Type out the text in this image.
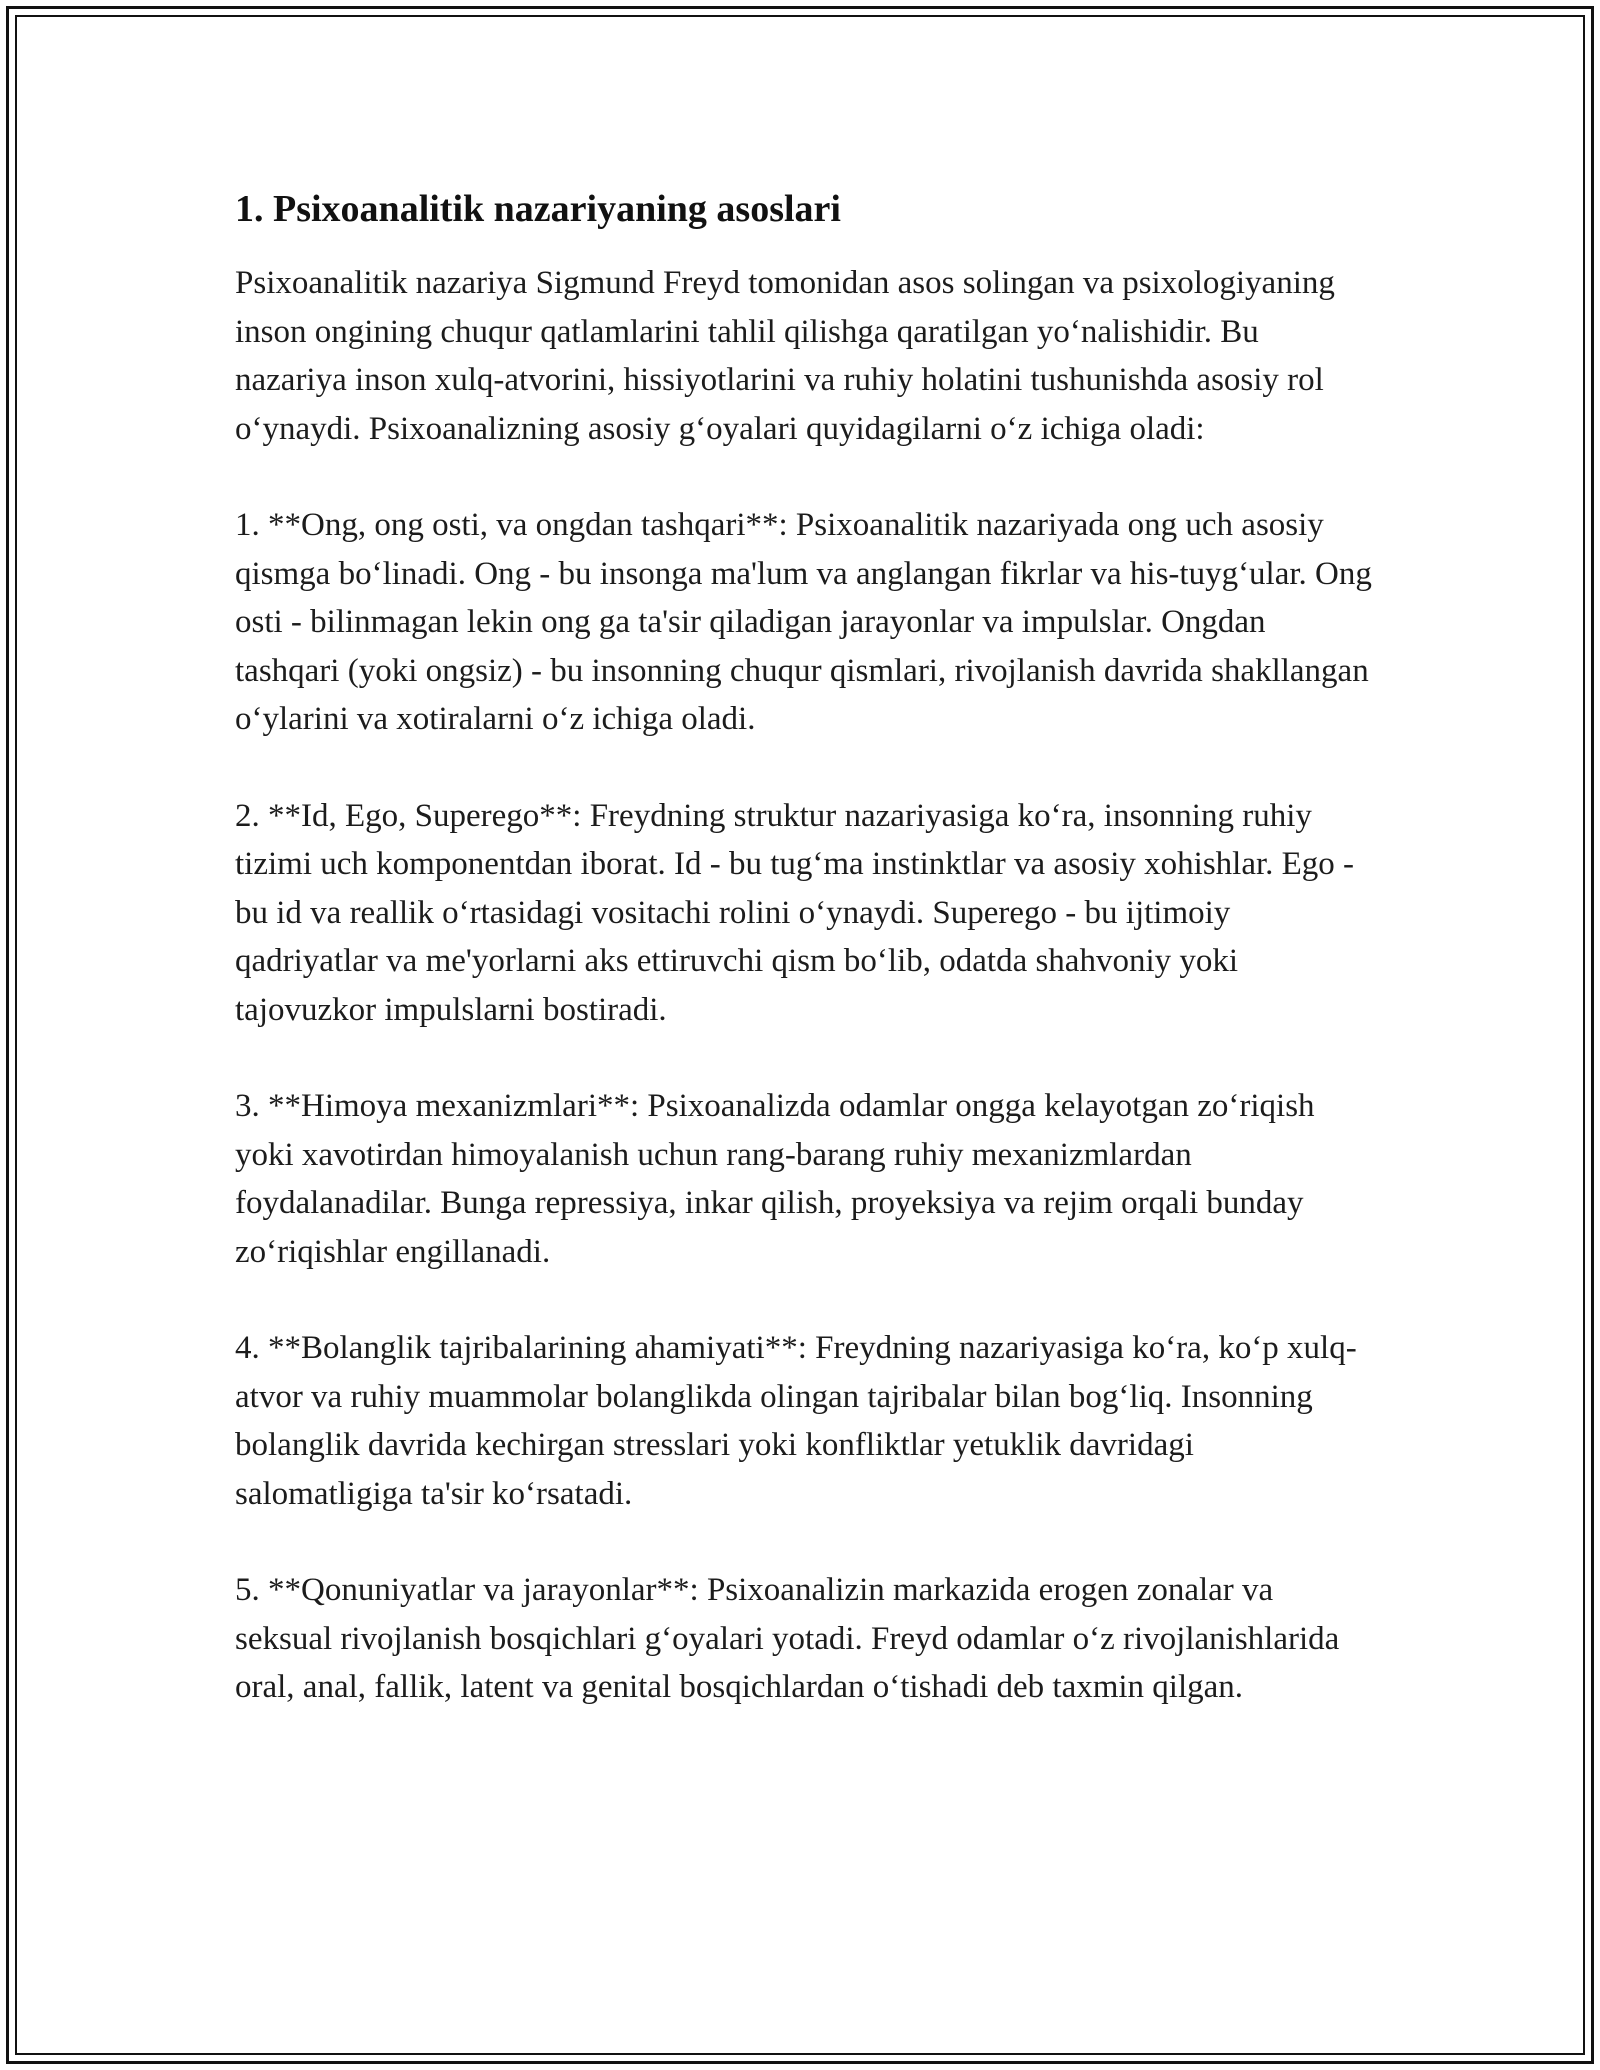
1. Psixoanalitik nazariyaning asoslari

Psixoanalitik nazariya Sigmund Freyd tomonidan asos solingan va psixologiyaning inson ongining chuqur qatlamlarini tahlil qilishga qaratilgan yo‘nalishidir. Bu nazariya inson xulq-atvorini, hissiyotlarini va ruhiy holatini tushunishda asosiy rol o‘ynaydi. Psixoanalizning asosiy g‘oyalari quyidagilarni o‘z ichiga oladi:

1. **Ong, ong osti, va ongdan tashqari**: Psixoanalitik nazariyada ong uch asosiy qismga bo‘linadi. Ong - bu insonga ma'lum va anglangan fikrlar va his-tuyg‘ular. Ong osti - bilinmagan lekin ong ga ta'sir qiladigan jarayonlar va impulslar. Ongdan tashqari (yoki ongsiz) - bu insonning chuqur qismlari, rivojlanish davrida shakllangan o‘ylarini va xotiralarni o‘z ichiga oladi.

2. **Id, Ego, Superego**: Freydning struktur nazariyasiga ko‘ra, insonning ruhiy tizimi uch komponentdan iborat. Id - bu tug‘ma instinktlar va asosiy xohishlar. Ego - bu id va reallik o‘rtasidagi vositachi rolini o‘ynaydi. Superego - bu ijtimoiy qadriyatlar va me'yorlarni aks ettiruvchi qism bo‘lib, odatda shahvoniy yoki tajovuzkor impulslarni bostiradi.

3. **Himoya mexanizmlari**: Psixoanalizda odamlar ongga kelayotgan zo‘riqish yoki xavotirdan himoyalanish uchun rang-barang ruhiy mexanizmlardan foydalanadilar. Bunga repressiya, inkar qilish, proyeksiya va rejim orqali bunday zo‘riqishlar engillanadi.

4. **Bolanglik tajribalarining ahamiyati**: Freydning nazariyasiga ko‘ra, ko‘p xulq-atvor va ruhiy muammolar bolanglikda olingan tajribalar bilan bog‘liq. Insonning bolanglik davrida kechirgan stresslari yoki konfliktlar yetuklik davridagi salomatligiga ta'sir ko‘rsatadi.

5. **Qonuniyatlar va jarayonlar**: Psixoanalizin markazida erogen zonalar va seksual rivojlanish bosqichlari g‘oyalari yotadi. Freyd odamlar o‘z rivojlanishlarida oral, anal, fallik, latent va genital bosqichlardan o‘tishadi deb taxmin qilgan.
